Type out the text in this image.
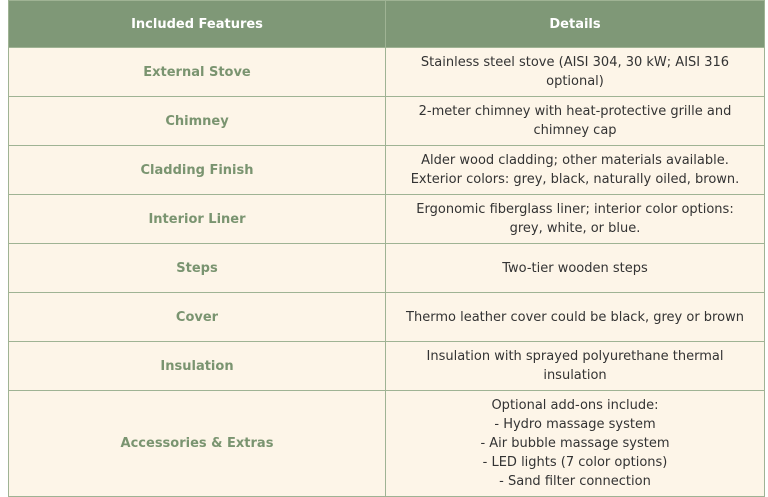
Included Features	Details
External Stove	Stainless steel stove (AISI 304, 30 kW; AISI 316
optional)

Chimney	2-meter chimney with heat-protective grille and
chimney cap

Cladding Finish	Alder wood cladding; other materials available.
Exterior colors: grey, black, naturally oiled, brown.

Interior Liner	Ergonomic fiberglass liner; interior color options:
grey, white, or blue.

Steps	Two-tier wooden steps

Cover	Thermo leather cover could be black, grey or brown

Insulation	Insulation with sprayed polyurethane thermal
insulation

Accessories & Extras	Optional add-ons include:
- Hydro massage system
- Air bubble massage system
- LED lights (7 color options)
- Sand filter connection
